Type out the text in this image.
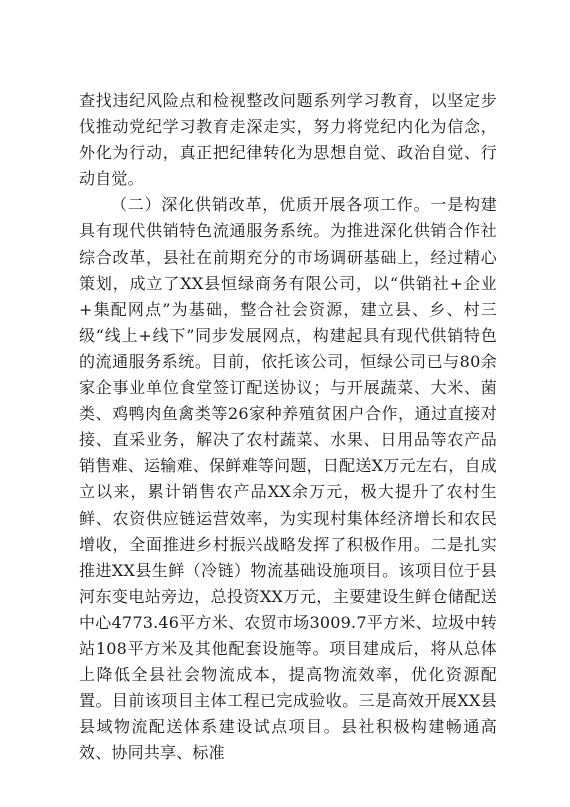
查找违纪风险点和检视整改问题系列学习教育，以坚定步伐推动党纪学习教育走深走实，努力将党纪内化为信念，外化为行动，真正把纪律转化为思想自觉、政治自觉、行动自觉。

（二）深化供销改革，优质开展各项工作。一是构建具有现代供销特色流通服务系统。为推进深化供销合作社综合改革，县社在前期充分的市场调研基础上，经过精心策划，成立了XX县恒绿商务有限公司，以“供销社+企业+集配网点”为基础，整合社会资源，建立县、乡、村三级“线上+线下”同步发展网点，构建起具有现代供销特色的流通服务系统。目前，依托该公司，恒绿公司已与80余家企事业单位食堂签订配送协议；与开展蔬菜、大米、菌类、鸡鸭肉鱼禽类等26家种养殖贫困户合作，通过直接对接、直采业务，解决了农村蔬菜、水果、日用品等农产品销售难、运输难、保鲜难等问题，日配送X万元左右，自成立以来，累计销售农产品XX余万元，极大提升了农村生鲜、农资供应链运营效率，为实现村集体经济增长和农民增收，全面推进乡村振兴战略发挥了积极作用。二是扎实推进XX县生鲜（冷链）物流基础设施项目。该项目位于县河东变电站旁边，总投资XX万元，主要建设生鲜仓储配送中心4773.46平方米、农贸市场3009.7平方米、垃圾中转站108平方米及其他配套设施等。项目建成后，将从总体上降低全县社会物流成本，提高物流效率，优化资源配置。目前该项目主体工程已完成验收。三是高效开展XX县县域物流配送体系建设试点项目。县社积极构建畅通高效、协同共享、标准
